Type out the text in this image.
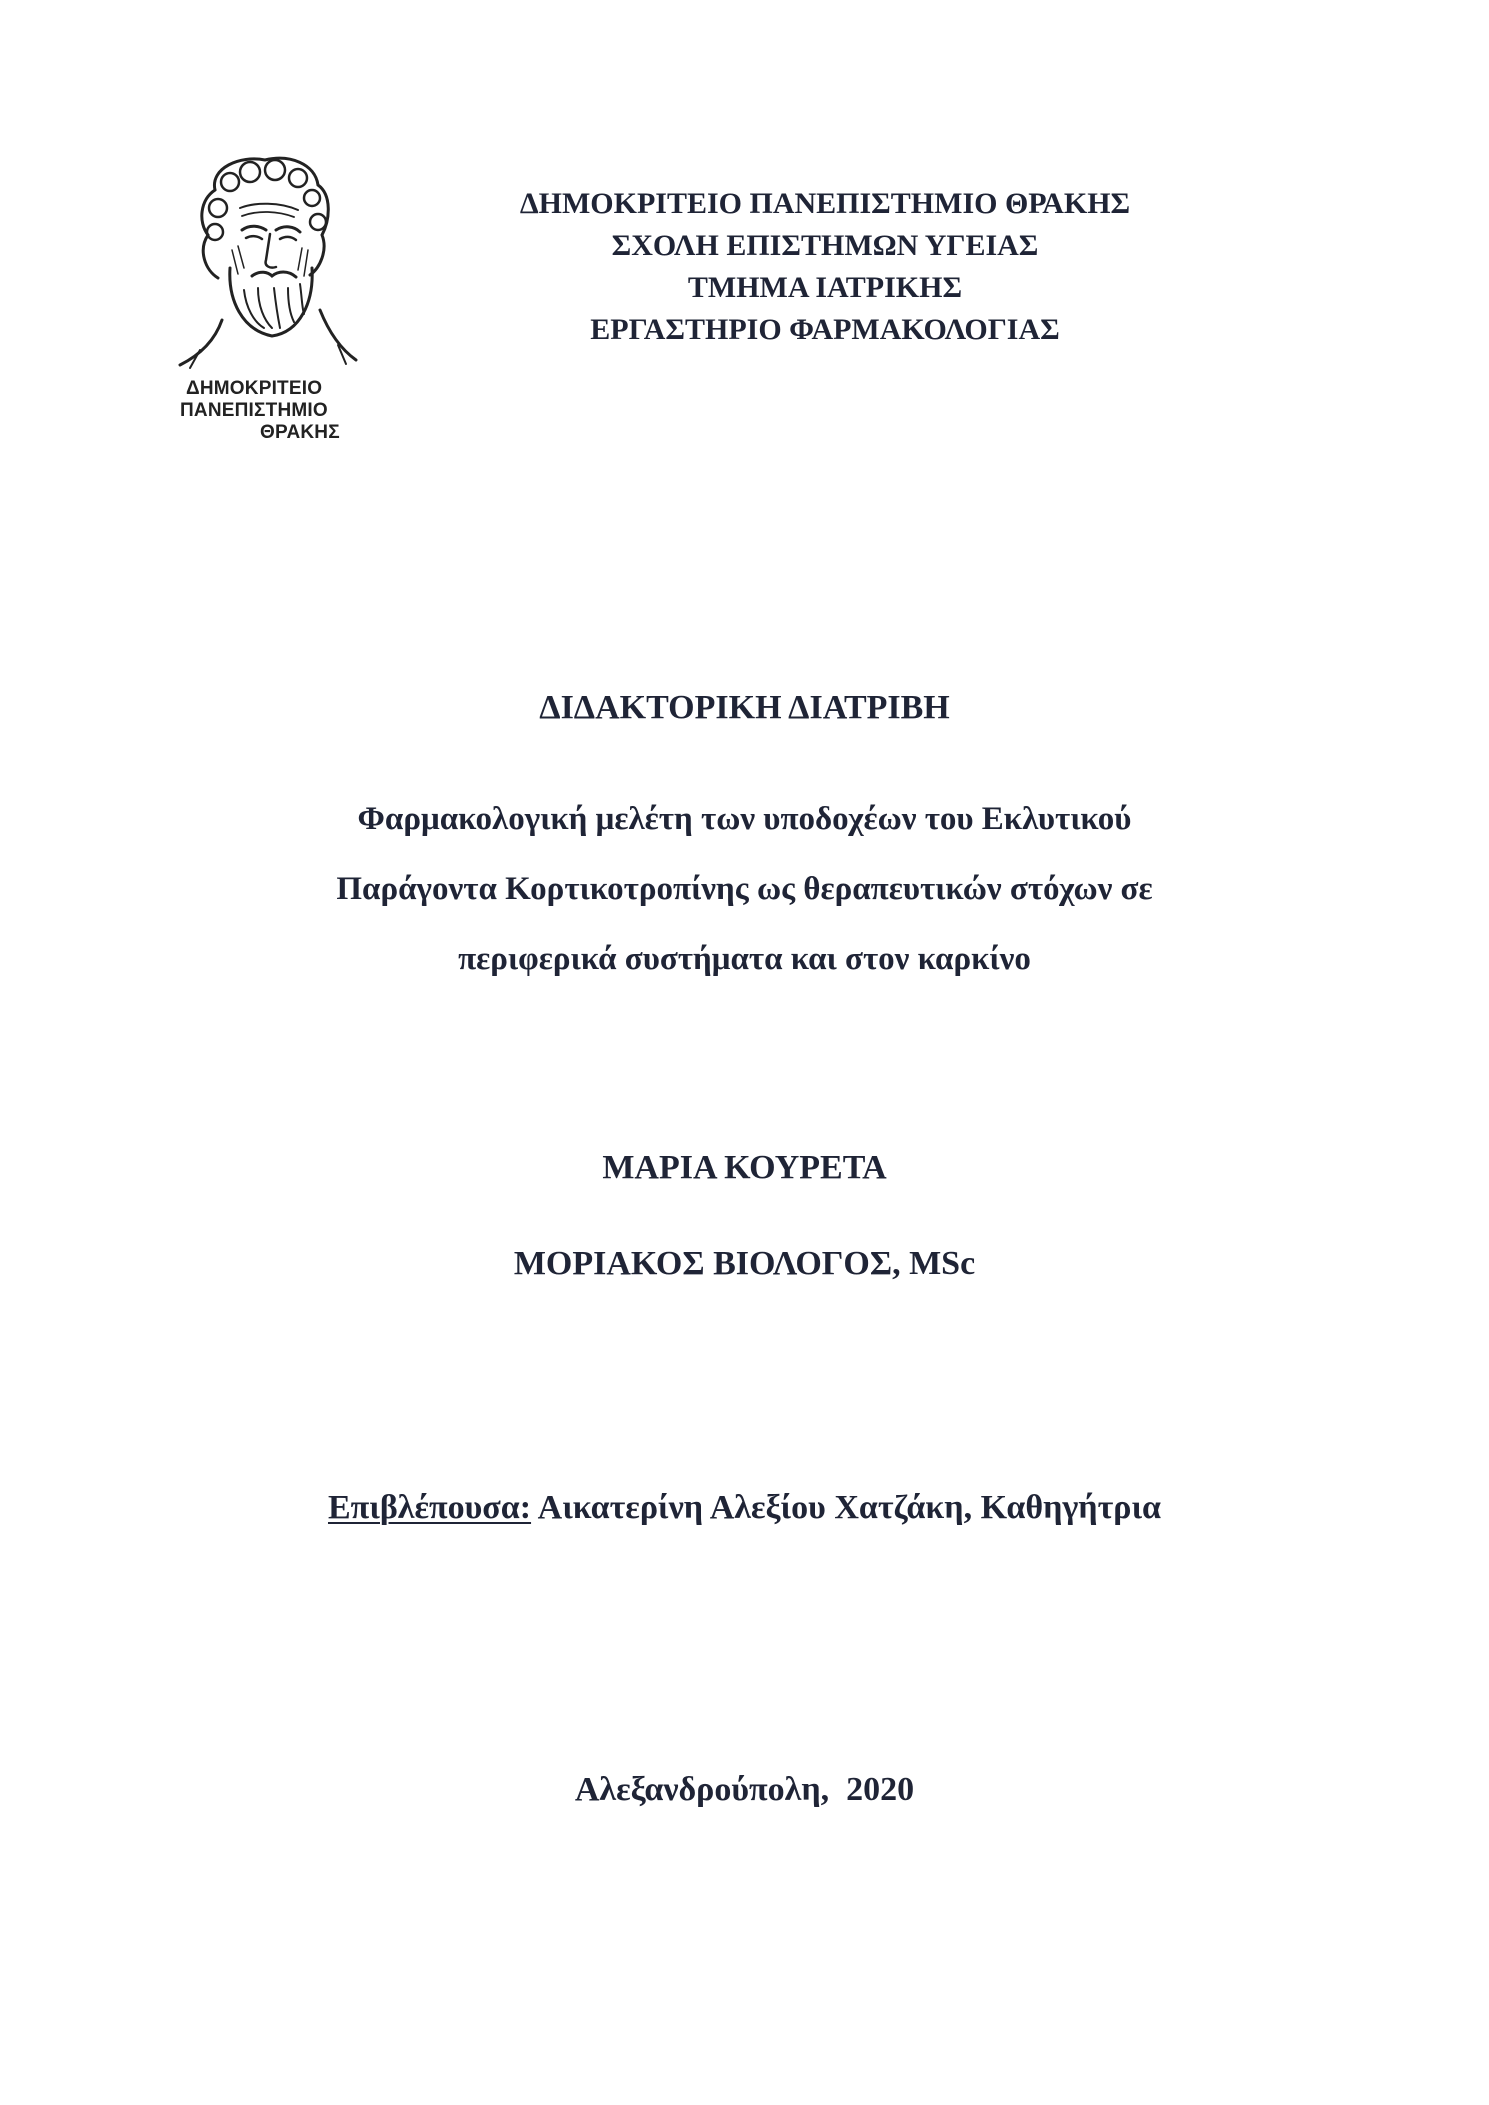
ΔΗΜΟΚΡΙΤΕΙΟ
ΠΑΝΕΠΙΣΤΗΜΙΟ
ΘΡΑΚΗΣ
ΔΗΜΟΚΡΙΤΕΙΟ ΠΑΝΕΠΙΣΤΗΜΙΟ ΘΡΑΚΗΣ
ΣΧΟΛΗ ΕΠΙΣΤΗΜΩΝ ΥΓΕΙΑΣ
ΤΜΗΜΑ ΙΑΤΡΙΚΗΣ
ΕΡΓΑΣΤΗΡΙΟ ΦΑΡΜΑΚΟΛΟΓΙΑΣ
ΔΙΔΑΚΤΟΡΙΚΗ ΔΙΑΤΡΙΒΗ
Φαρμακολογική μελέτη των υποδοχέων του Εκλυτικού
Παράγοντα Κορτικοτροπίνης ως θεραπευτικών στόχων σε
περιφερικά συστήματα και στον καρκίνο
ΜΑΡΙΑ ΚΟΥΡΕΤΑ
ΜΟΡΙΑΚΟΣ ΒΙΟΛΟΓΟΣ, MSc
Επιβλέπουσα: Αικατερίνη Αλεξίου Χατζάκη, Καθηγήτρια
Αλεξανδρούπολη,  2020
